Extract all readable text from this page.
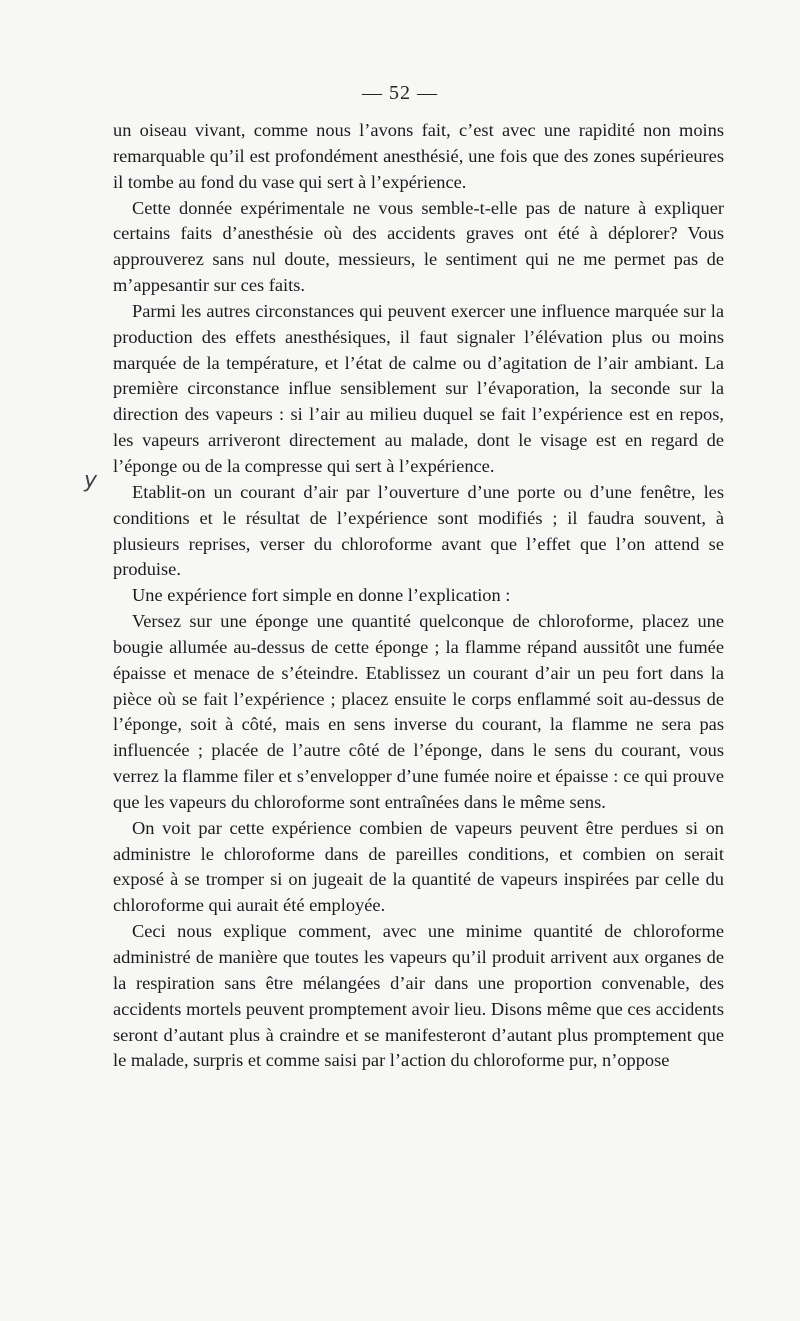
— 52 —
y

un oiseau vivant, comme nous l’avons fait, c’est avec une rapidité non moins remarquable qu’il est profondément anesthésié, une fois que des zones supérieures il tombe au fond du vase qui sert à l’expérience.

Cette donnée expérimentale ne vous semble-t-elle pas de nature à expliquer certains faits d’anesthésie où des accidents graves ont été à déplorer? Vous approuverez sans nul doute, messieurs, le sentiment qui ne me permet pas de m’appesantir sur ces faits.

Parmi les autres circonstances qui peuvent exercer une influence marquée sur la production des effets anesthésiques, il faut signaler l’élévation plus ou moins marquée de la température, et l’état de calme ou d’agitation de l’air ambiant. La première circonstance influe sensiblement sur l’évaporation, la seconde sur la direction des vapeurs : si l’air au milieu duquel se fait l’expérience est en repos, les vapeurs arriveront directement au malade, dont le visage est en regard de l’éponge ou de la compresse qui sert à l’expérience.

Etablit-on un courant d’air par l’ouverture d’une porte ou d’une fenêtre, les conditions et le résultat de l’expérience sont modifiés ; il faudra souvent, à plusieurs reprises, verser du chloroforme avant que l’effet que l’on attend se produise.

Une expérience fort simple en donne l’explication :

Versez sur une éponge une quantité quelconque de chloroforme, placez une bougie allumée au-dessus de cette éponge ; la flamme répand aussitôt une fumée épaisse et menace de s’éteindre. Etablissez un courant d’air un peu fort dans la pièce où se fait l’expérience ; placez ensuite le corps enflammé soit au-dessus de l’éponge, soit à côté, mais en sens inverse du courant, la flamme ne sera pas influencée ; placée de l’autre côté de l’éponge, dans le sens du courant, vous verrez la flamme filer et s’envelopper d’une fumée noire et épaisse : ce qui prouve que les vapeurs du chloroforme sont entraînées dans le même sens.

On voit par cette expérience combien de vapeurs peuvent être perdues si on administre le chloroforme dans de pareilles conditions, et combien on serait exposé à se tromper si on jugeait de la quantité de vapeurs inspirées par celle du chloroforme qui aurait été employée.

Ceci nous explique comment, avec une minime quantité de chloroforme administré de manière que toutes les vapeurs qu’il produit arrivent aux organes de la respiration sans être mélangées d’air dans une proportion convenable, des accidents mortels peuvent promptement avoir lieu. Disons même que ces accidents seront d’autant plus à craindre et se manifesteront d’autant plus promptement que le malade, surpris et comme saisi par l’action du chloroforme pur, n’oppose
